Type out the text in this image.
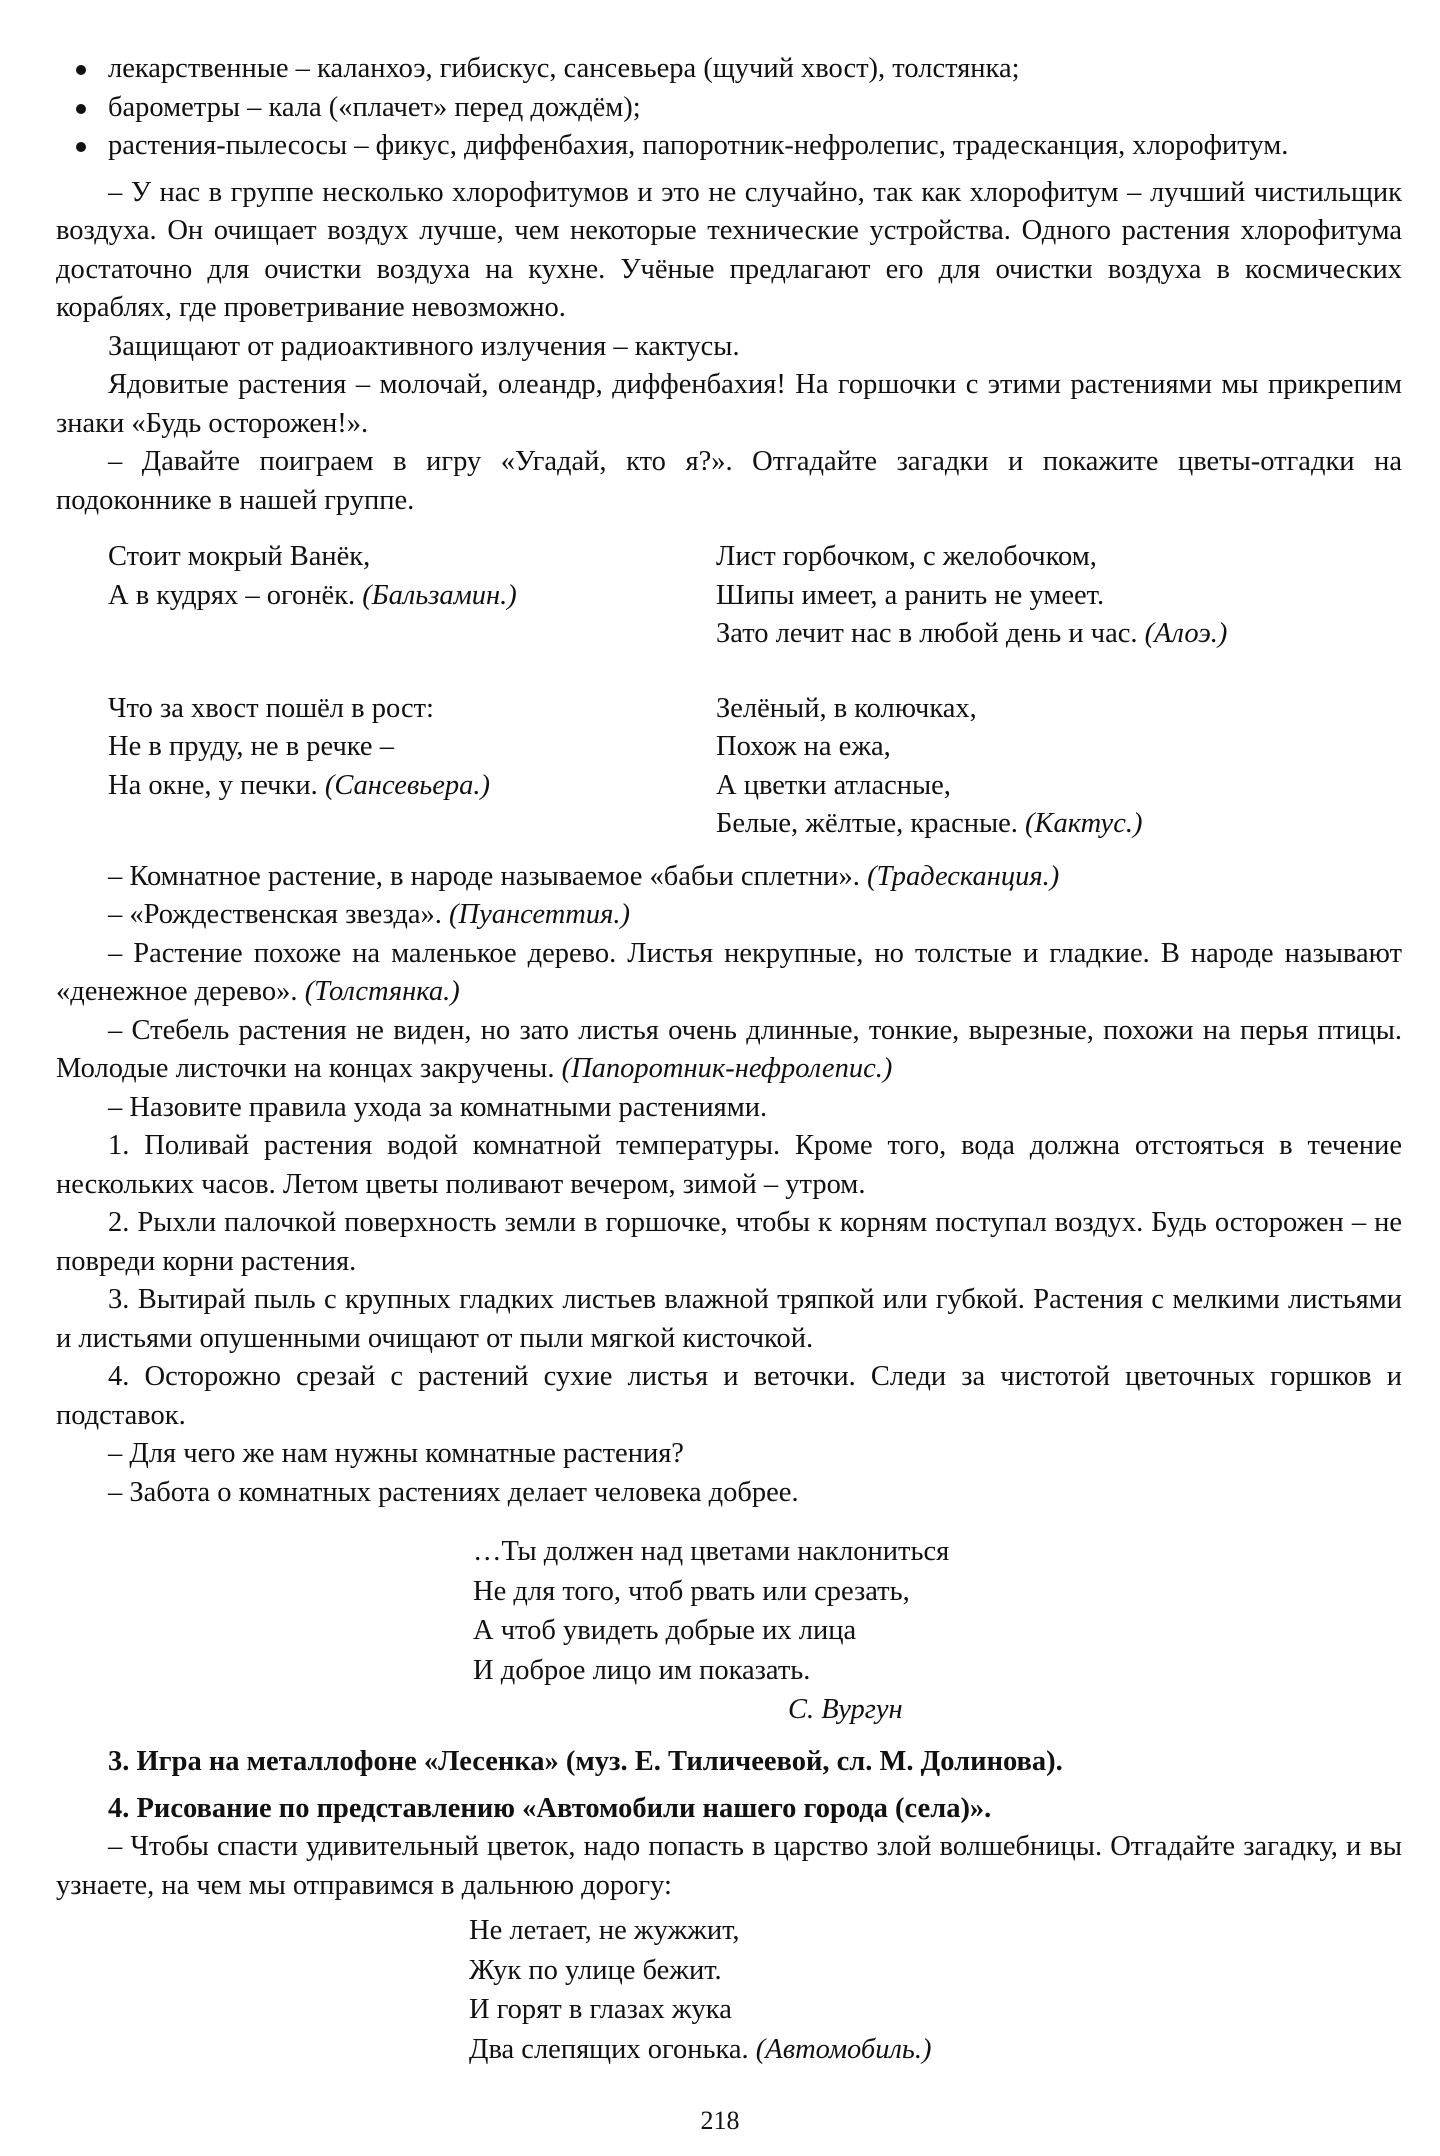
лекарственные – каланхоэ, гибискус, сансевьера (щучий хвост), толстянка;
барометры – кала («плачет» перед дождём);
растения-пылесосы – фикус, диффенбахия, папоротник-нефролепис, традесканция, хлорофитум.

– У нас в группе несколько хлорофитумов и это не случайно, так как хлорофитум – лучший чистильщик воздуха. Он очищает воздух лучше, чем некоторые технические устройства. Одного растения хлорофитума достаточно для очистки воздуха на кухне. Учёные предлагают его для очистки воздуха в космических кораблях, где проветривание невозможно.

Защищают от радиоактивного излучения – кактусы.

Ядовитые растения – молочай, олеандр, диффенбахия! На горшочки с этими растениями мы прикрепим знаки «Будь осторожен!».

– Давайте поиграем в игру «Угадай, кто я?». Отгадайте загадки и покажите цветы-отгадки на подоконнике в нашей группе.

Стоит мокрый Ванёк,
А в кудрях – огонёк. (Бальзамин.)
Лист горбочком, с желобочком,
Шипы имеет, а ранить не умеет.
Зато лечит нас в любой день и час. (Алоэ.)
Что за хвост пошёл в рост:
Не в пруду, не в речке –
На окне, у печки. (Сансевьера.)
Зелёный, в колючках,
Похож на ежа,
А цветки атласные,
Белые, жёлтые, красные. (Кактус.)

– Комнатное растение, в народе называемое «бабьи сплетни». (Традесканция.)

– «Рождественская звезда». (Пуансеттия.)

– Растение похоже на маленькое дерево. Листья некрупные, но толстые и гладкие. В народе называют «денежное дерево». (Толстянка.)

– Стебель растения не виден, но зато листья очень длинные, тонкие, вырезные, похожи на перья птицы. Молодые листочки на концах закручены. (Папоротник-нефролепис.)

– Назовите правила ухода за комнатными растениями.

1. Поливай растения водой комнатной температуры. Кроме того, вода должна отстояться в течение нескольких часов. Летом цветы поливают вечером, зимой – утром.

2. Рыхли палочкой поверхность земли в горшочке, чтобы к корням поступал воздух. Будь осторожен – не повреди корни растения.

3. Вытирай пыль с крупных гладких листьев влажной тряпкой или губкой. Растения с мелкими листьями и листьями опушенными очищают от пыли мягкой кисточкой.

4. Осторожно срезай с растений сухие листья и веточки. Следи за чистотой цветочных горшков и подставок.

– Для чего же нам нужны комнатные растения?

– Забота о комнатных растениях делает человека добрее.

…Ты должен над цветами наклониться
Не для того, чтоб рвать или срезать,
А чтоб увидеть добрые их лица
И доброе лицо им показать.
С. Вургун

3. Игра на металлофоне «Лесенка» (муз. Е. Тиличеевой, сл. М. Долинова).

4. Рисование по представлению «Автомобили нашего города (села)».

– Чтобы спасти удивительный цветок, надо попасть в царство злой волшебницы. Отгадайте загадку, и вы узнаете, на чем мы отправимся в дальнюю дорогу:

Не летает, не жужжит,
Жук по улице бежит.
И горят в глазах жука
Два слепящих огонька. (Автомобиль.)
218
